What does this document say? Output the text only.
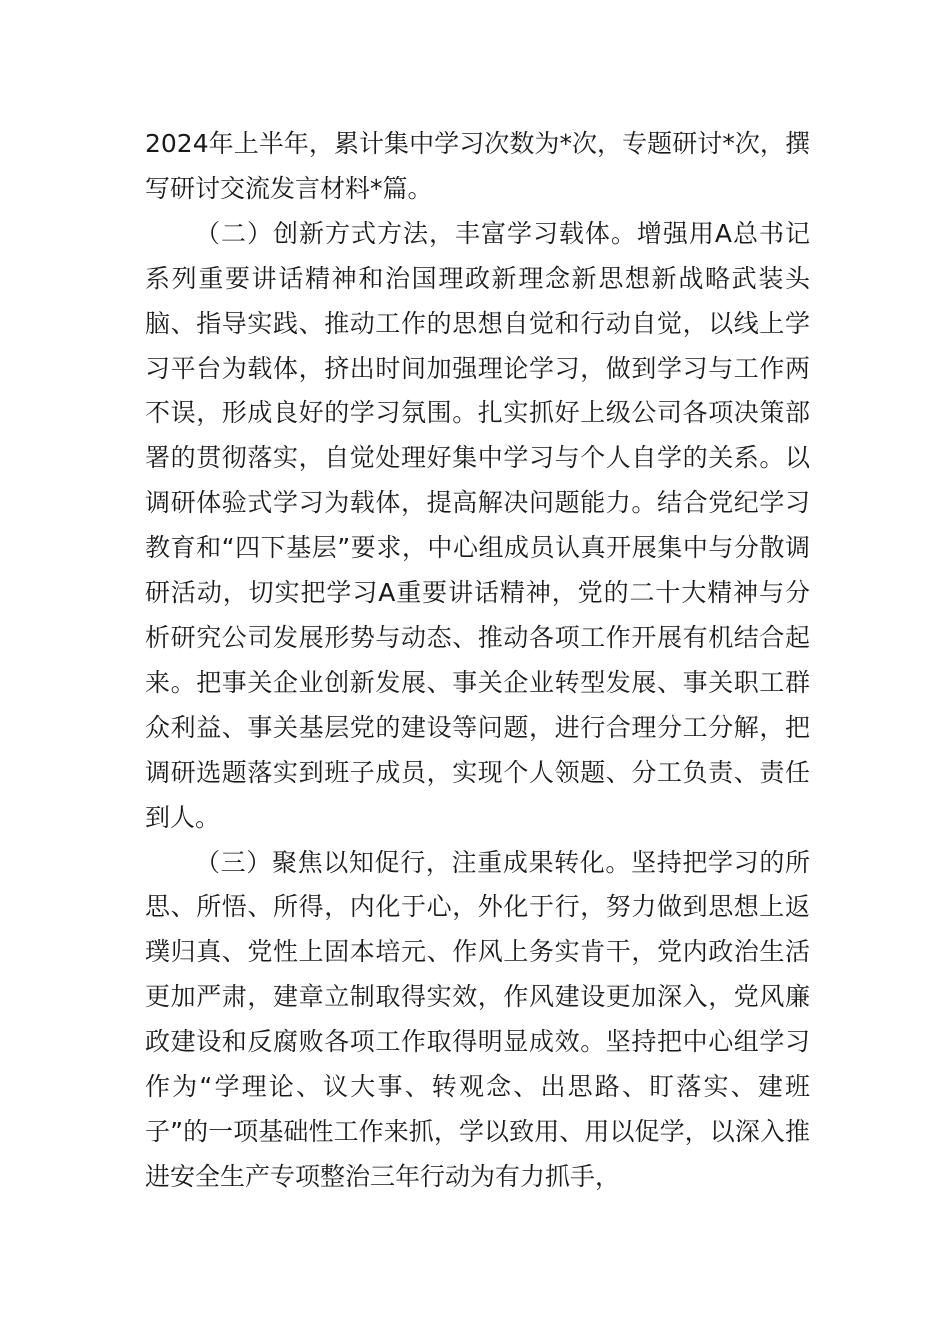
2024年上半年，累计集中学习次数为*次，专题研讨*次，撰写研讨交流发言材料*篇。

（二）创新方式方法，丰富学习载体。增强用A总书记系列重要讲话精神和治国理政新理念新思想新战略武装头脑、指导实践、推动工作的思想自觉和行动自觉，以线上学习平台为载体，挤出时间加强理论学习，做到学习与工作两不误，形成良好的学习氛围。扎实抓好上级公司各项决策部署的贯彻落实，自觉处理好集中学习与个人自学的关系。以调研体验式学习为载体，提高解决问题能力。结合党纪学习教育和“四下基层”要求，中心组成员认真开展集中与分散调研活动，切实把学习A重要讲话精神，党的二十大精神与分析研究公司发展形势与动态、推动各项工作开展有机结合起来。把事关企业创新发展、事关企业转型发展、事关职工群众利益、事关基层党的建设等问题，进行合理分工分解，把调研选题落实到班子成员，实现个人领题、分工负责、责任到人。

（三）聚焦以知促行，注重成果转化。坚持把学习的所思、所悟、所得，内化于心，外化于行，努力做到思想上返璞归真、党性上固本培元、作风上务实肯干，党内政治生活更加严肃，建章立制取得实效，作风建设更加深入，党风廉政建设和反腐败各项工作取得明显成效。坚持把中心组学习作为“学理论、议大事、转观念、出思路、盯落实、建班子”的一项基础性工作来抓，学以致用、用以促学，以深入推进安全生产专项整治三年行动为有力抓手，
